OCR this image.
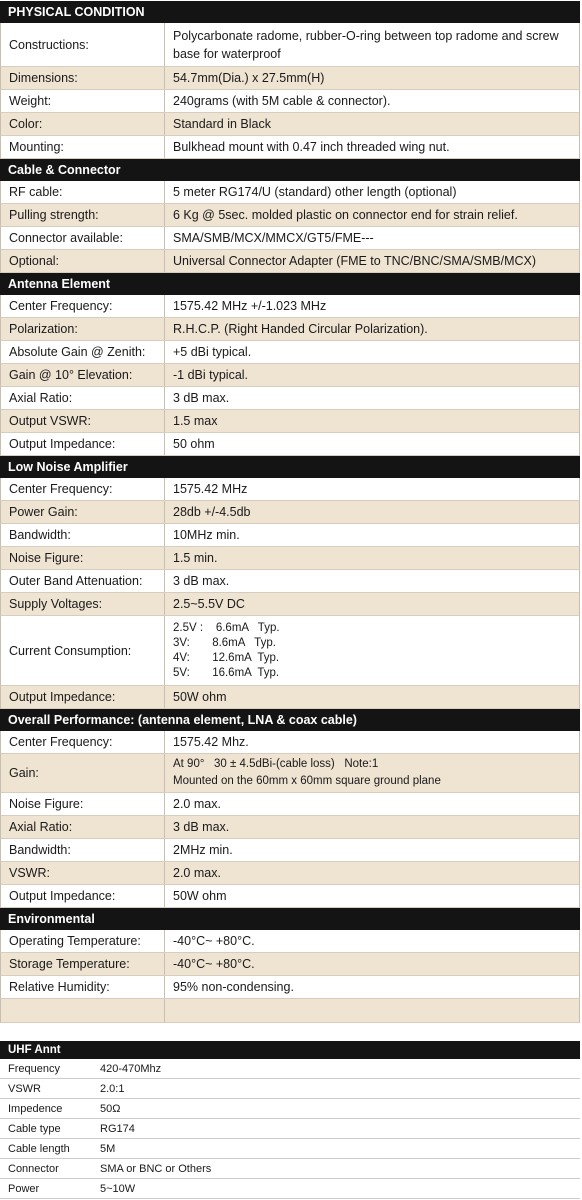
PHYSICAL CONDITION
Constructions:
Polycarbonate radome, rubber-O-ring between top radome and screw base for waterproof
Dimensions:	54.7mm(Dia.) x 27.5mm(H)
Weight:	240grams (with 5M cable & connector).
Color:	Standard in Black
Mounting:	Bulkhead mount with 0.47 inch threaded wing nut.
Cable & Connector
RF cable:	5 meter RG174/U (standard) other length (optional)
Pulling strength:	6 Kg @ 5sec. molded plastic on connector end for strain relief.
Connector available:	SMA/SMB/MCX/MMCX/GT5/FME---
Optional:	Universal Connector Adapter (FME to TNC/BNC/SMA/SMB/MCX)
Antenna Element
Center Frequency:	1575.42 MHz +/-1.023 MHz
Polarization:	R.H.C.P. (Right Handed Circular Polarization).
Absolute Gain @ Zenith:	+5 dBi typical.
Gain @ 10° Elevation:	-1 dBi typical.
Axial Ratio:	3 dB max.
Output VSWR:	1.5 max
Output Impedance:	50 ohm
Low Noise Amplifier
Center Frequency:	1575.42 MHz
Power Gain:	28db +/-4.5db
Bandwidth:	10MHz min.
Noise Figure:	1.5 min.
Outer Band Attenuation:	3 dB max.
Supply Voltages:	2.5~5.5V DC
Current Consumption:
2.5V :    6.6mA   Typ.
3V:       8.6mA   Typ.
4V:       12.6mA  Typ.
5V:       16.6mA  Typ.
Output Impedance:	50W ohm
Overall Performance: (antenna element, LNA & coax cable)
Center Frequency:	1575.42 Mhz.
Gain:
At 90°   30 ± 4.5dBi-(cable loss)   Note:1
Mounted on the 60mm x 60mm square ground plane
Noise Figure:	2.0 max.
Axial Ratio:	3 dB max.
Bandwidth:	2MHz min.
VSWR:	2.0 max.
Output Impedance:	50W ohm
Environmental
Operating Temperature:	-40°C~ +80°C.
Storage Temperature:	-40°C~ +80°C.
Relative Humidity:	95% non-condensing.
UHF Annt
Frequency	420-470Mhz
VSWR	2.0:1
Impedence	50Ω
Cable type	RG174
Cable length	5M
Connector	SMA or BNC or Others
Power	5~10W
